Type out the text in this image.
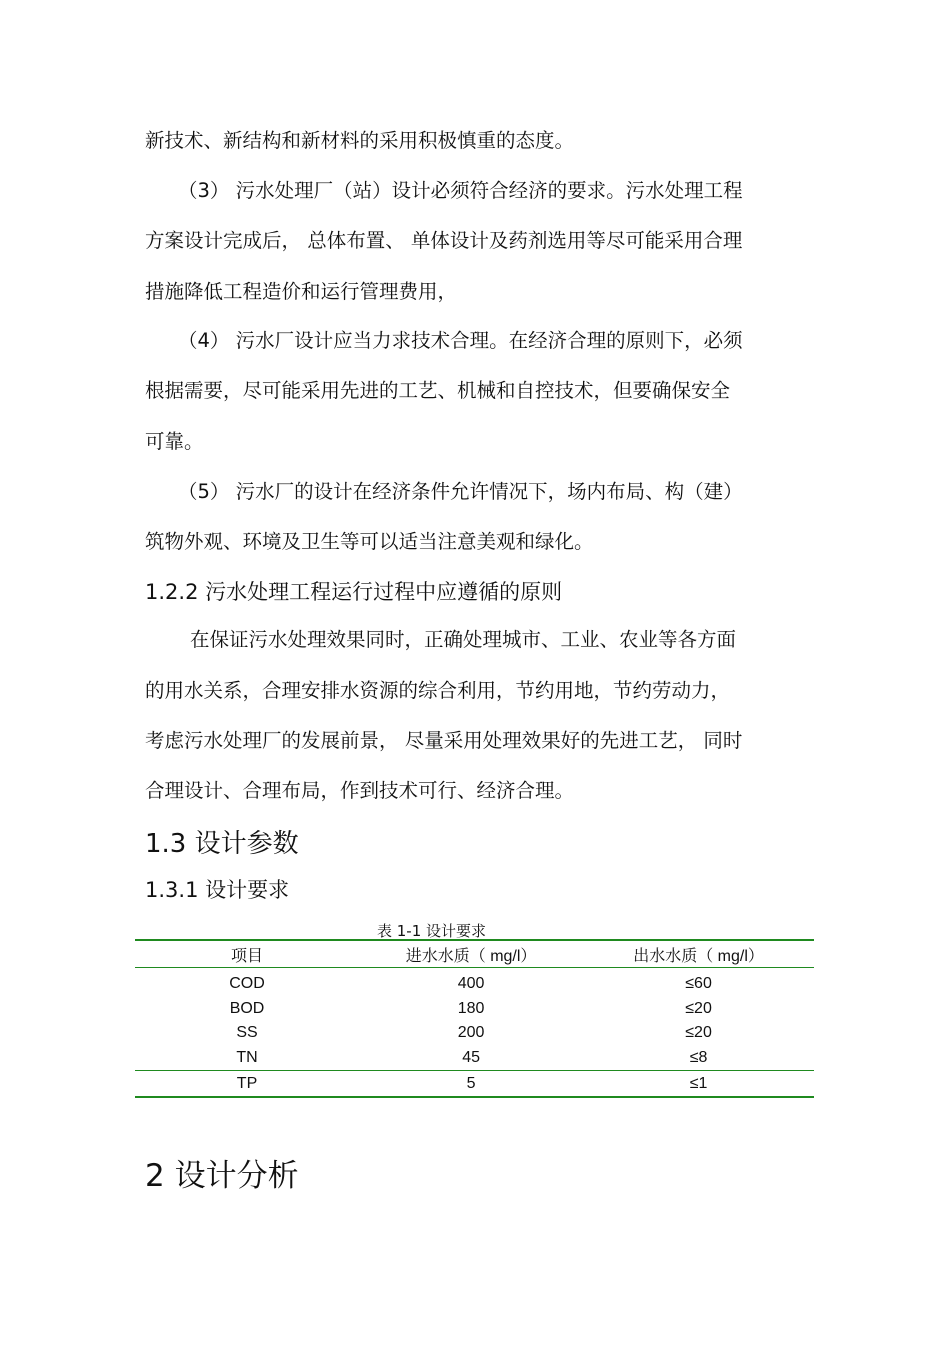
新技术、新结构和新材料的采用积极慎重的态度。
（3） 污水处理厂（站）设计必须符合经济的要求。污水处理工程
方案设计完成后， 总体布置、 单体设计及药剂选用等尽可能采用合理
措施降低工程造价和运行管理费用，
（4） 污水厂设计应当力求技术合理。在经济合理的原则下，必须
根据需要，尽可能采用先进的工艺、机械和自控技术，但要确保安全
可靠。
（5） 污水厂的设计在经济条件允许情况下，场内布局、构（建）
筑物外观、环境及卫生等可以适当注意美观和绿化。
1.2.2 污水处理工程运行过程中应遵循的原则
在保证污水处理效果同时，正确处理城市、工业、农业等各方面
的用水关系，合理安排水资源的综合利用，节约用地，节约劳动力，
考虑污水处理厂的发展前景， 尽量采用处理效果好的先进工艺， 同时
合理设计、合理布局，作到技术可行、经济合理。
1.3 设计参数
1.3.1 设计要求
表 1-1 设计要求
项目	进水水质（ mg/l）	出水水质（ mg/l）
COD	400	≤60
BOD	180	≤20
SS	200	≤20
TN	45	≤8
TP	5	≤1
2 设计分析
